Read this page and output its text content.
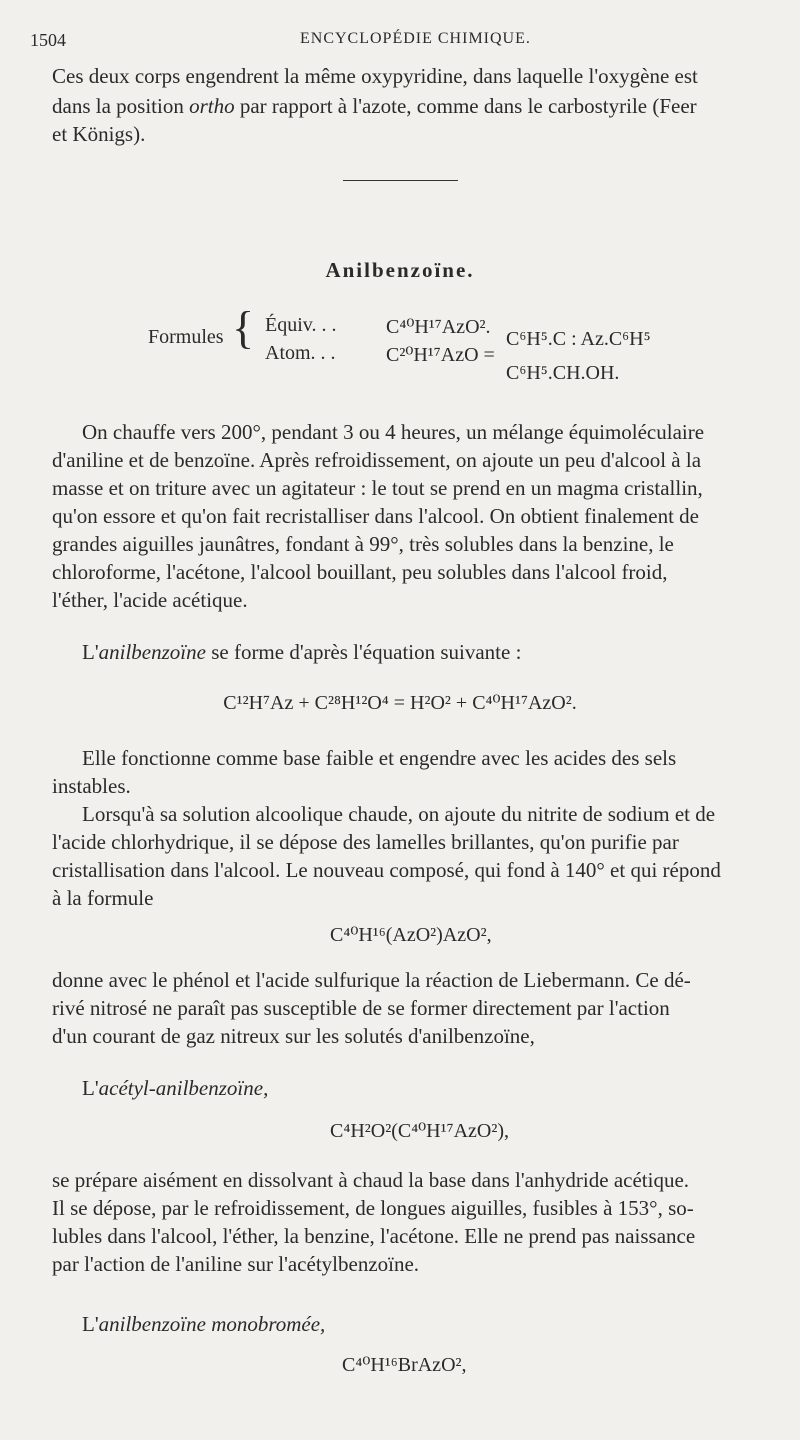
1504	ENCYCLOPÉDIE CHIMIQUE.
Ces deux corps engendrent la même oxypyridine, dans laquelle l'oxygène est
dans la position ortho par rapport à l'azote, comme dans le carbostyrile (Feer
et Königs).
Anilbenzoïne.
Formules { Équiv. . . C⁴⁰H¹⁷AzO².
Atom. . .	C²⁰H¹⁷AzO =
C⁶H⁵.C : Az.C⁶H⁵
C⁶H⁵.CH.OH.
On chauffe vers 200°, pendant 3 ou 4 heures, un mélange équimoléculaire
d'aniline et de benzoïne. Après refroidissement, on ajoute un peu d'alcool à la
masse et on triture avec un agitateur : le tout se prend en un magma cristallin,
qu'on essore et qu'on fait recristalliser dans l'alcool. On obtient finalement de
grandes aiguilles jaunâtres, fondant à 99°, très solubles dans la benzine, le
chloroforme, l'acétone, l'alcool bouillant, peu solubles dans l'alcool froid,
l'éther, l'acide acétique.
L'anilbenzoïne se forme d'après l'équation suivante :
C¹²H⁷Az + C²⁸H¹²O⁴ = H²O² + C⁴⁰H¹⁷AzO².
Elle fonctionne comme base faible et engendre avec les acides des sels
instables.
Lorsqu'à sa solution alcoolique chaude, on ajoute du nitrite de sodium et de
l'acide chlorhydrique, il se dépose des lamelles brillantes, qu'on purifie par
cristallisation dans l'alcool. Le nouveau composé, qui fond à 140° et qui répond
à la formule
C⁴⁰H¹⁶(AzO²)AzO²,
donne avec le phénol et l'acide sulfurique la réaction de Liebermann. Ce dé-
rivé nitrosé ne paraît pas susceptible de se former directement par l'action
d'un courant de gaz nitreux sur les solutés d'anilbenzoïne,
L'acétyl-anilbenzoïne,
C⁴H²O²(C⁴⁰H¹⁷AzO²),
se prépare aisément en dissolvant à chaud la base dans l'anhydride acétique.
Il se dépose, par le refroidissement, de longues aiguilles, fusibles à 153°, so-
lubles dans l'alcool, l'éther, la benzine, l'acétone. Elle ne prend pas naissance
par l'action de l'aniline sur l'acétylbenzoïne.
L'anilbenzoïne monobromée,
C⁴⁰H¹⁶BrAzO²,
